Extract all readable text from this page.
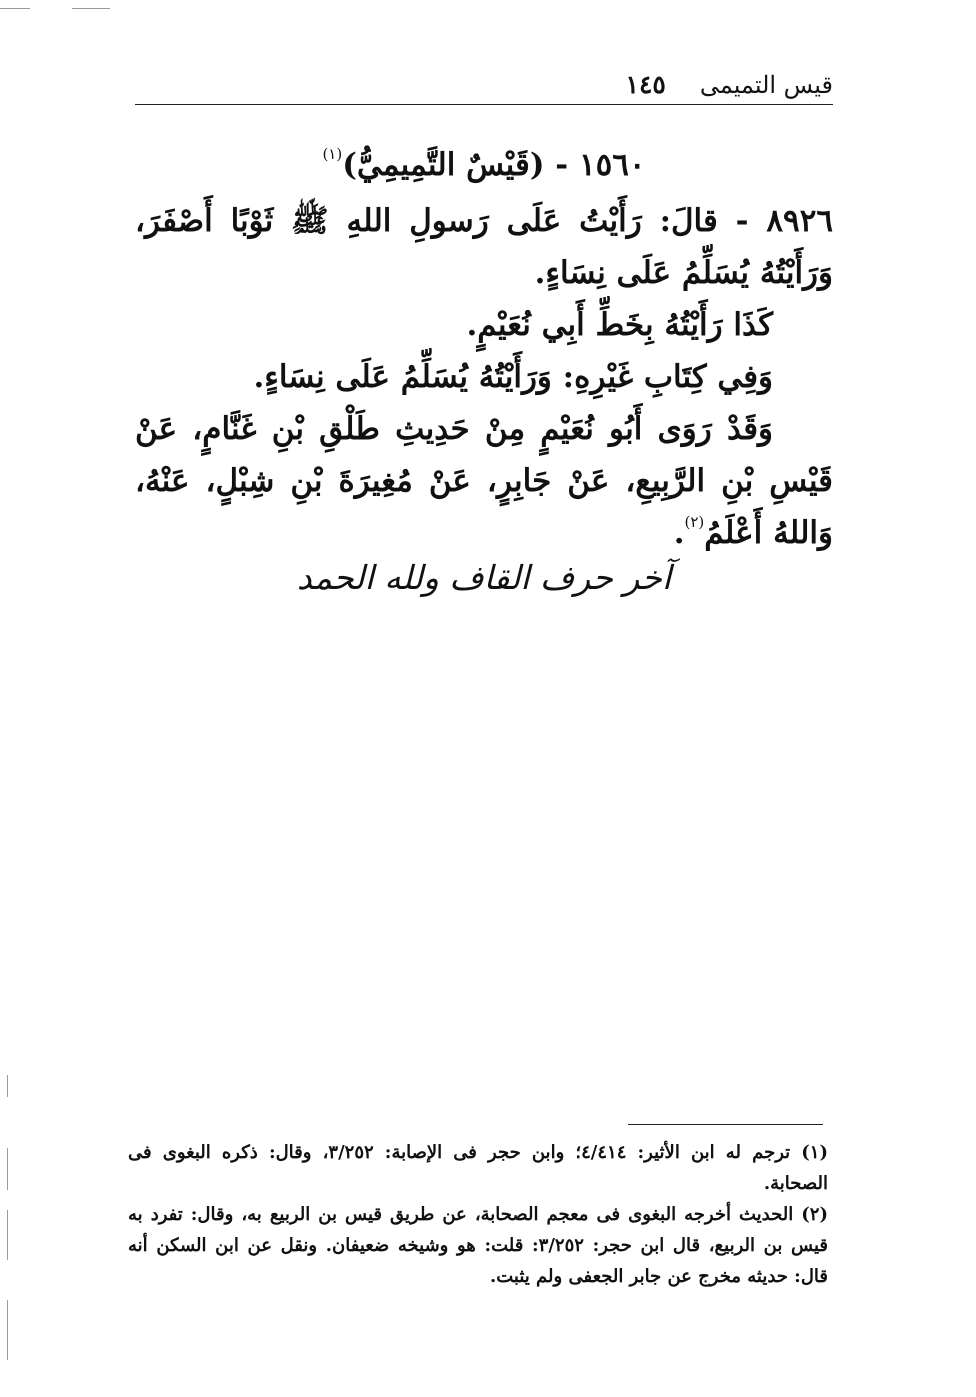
قيس التميمى
١٤٥
١٥٦٠ - (قَيْسٌ التَّمِيمِيُّ)$^{(١)}$

٨٩٢٦ - قالَ: رَأَيْتُ عَلَى رَسولِ اللهِ ﷺ ثَوْبًا أَصْفَرَ، وَرَأَيْتُهُ يُسَلِّمُ عَلَى نِسَاءٍ.

كَذَا رَأَيْتُهُ بِخَطِّ أَبِي نُعَيْمٍ.

وَفِي كِتَابِ غَيْرِهِ: وَرَأَيْتُهُ يُسَلِّمُ عَلَى نِسَاءٍ.

وَقَدْ رَوَى أَبُو نُعَيْمٍ مِنْ حَدِيثِ طَلْقِ بْنِ غَنَّامٍ، عَنْ قَيْسِ بْنِ الرَّبِيعِ، عَنْ جَابِرٍ، عَنْ مُغِيرَةَ بْنِ شِبْلٍ، عَنْهُ، وَاللهُ أَعْلَمُ$^{(٢)}$.

آخر حرف القاف ولله الحمد

(١) ترجم له ابن الأثير: ٤/٤١٤؛ وابن حجر فى الإصابة: ٣/٢٥٢، وقال: ذكره البغوى فى الصحابة.

(٢) الحديث أخرجه البغوى فى معجم الصحابة، عن طريق قيس بن الربيع به، وقال: تفرد به قيس بن الربيع، قال ابن حجر: ٣/٢٥٢: قلت: هو وشيخه ضعيفان. ونقل عن ابن السكن أنه قال: حديثه مخرج عن جابر الجعفى ولم يثبت.
